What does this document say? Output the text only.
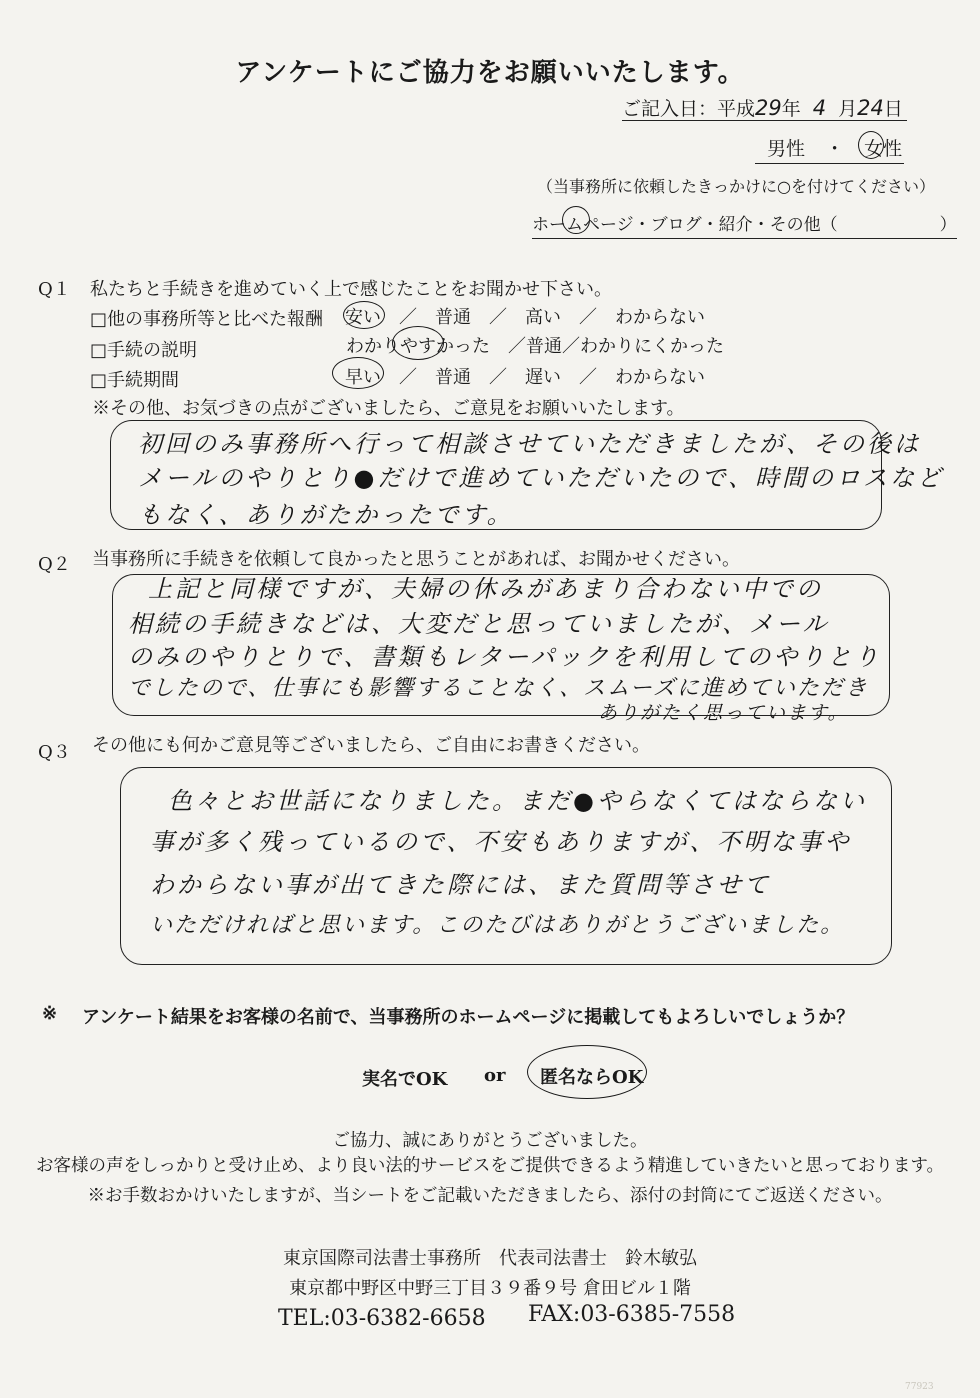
アンケートにご協力をお願いいたします。
ご記入日：平成29年 4 月24日
男性 ・ 女性
（当事務所に依頼したきっかけに○を付けてください）
ホームページ・ブログ・紹介・その他（　　　　　　）
Q１ 私たちと手続きを進めていく上で感じたことをお聞かせ下さい。
□他の事務所等と比べた報酬 安い　／　普通　／　高い　／　わからない
□手続の説明	わかりやすかった　／普通／わかりにくかった
□手続期間	早い　／　普通　／　遅い　／　わからない
※その他、お気づきの点がございましたら、ご意見をお願いいたします。
初回のみ事務所へ行って相談させていただきましたが、その後は
メールのやりとり●だけで進めていただいたので、時間のロスなど
もなく、ありがたかったです。
Q２ 当事務所に手続きを依頼して良かったと思うことがあれば、お聞かせください。
上記と同様ですが、夫婦の休みがあまり合わない中での
相続の手続きなどは、大変だと思っていましたが、メール
のみのやりとりで、書類もレターパックを利用してのやりとり
でしたので、仕事にも影響することなく、スムーズに進めていただき
ありがたく思っています。
Q３ その他にも何かご意見等ございましたら、ご自由にお書きください。
色々とお世話になりました。まだ●やらなくてはならない
事が多く残っているので、不安もありますが、不明な事や
わからない事が出てきた際には、また質問等させて
いただければと思います。このたびはありがとうございました。
※ アンケート結果をお客様の名前で、当事務所のホームページに掲載してもよろしいでしょうか？
実名でOK or 匿名ならOK
ご協力、誠にありがとうございました。
お客様の声をしっかりと受け止め、より良い法的サービスをご提供できるよう精進していきたいと思っております。
※お手数おかけいたしますが、当シートをご記載いただきましたら、添付の封筒にてご返送ください。
東京国際司法書士事務所　代表司法書士　鈴木敏弘
東京都中野区中野三丁目３９番９号 倉田ビル１階
TEL:03-6382-6658 FAX:03-6385-7558
77923
